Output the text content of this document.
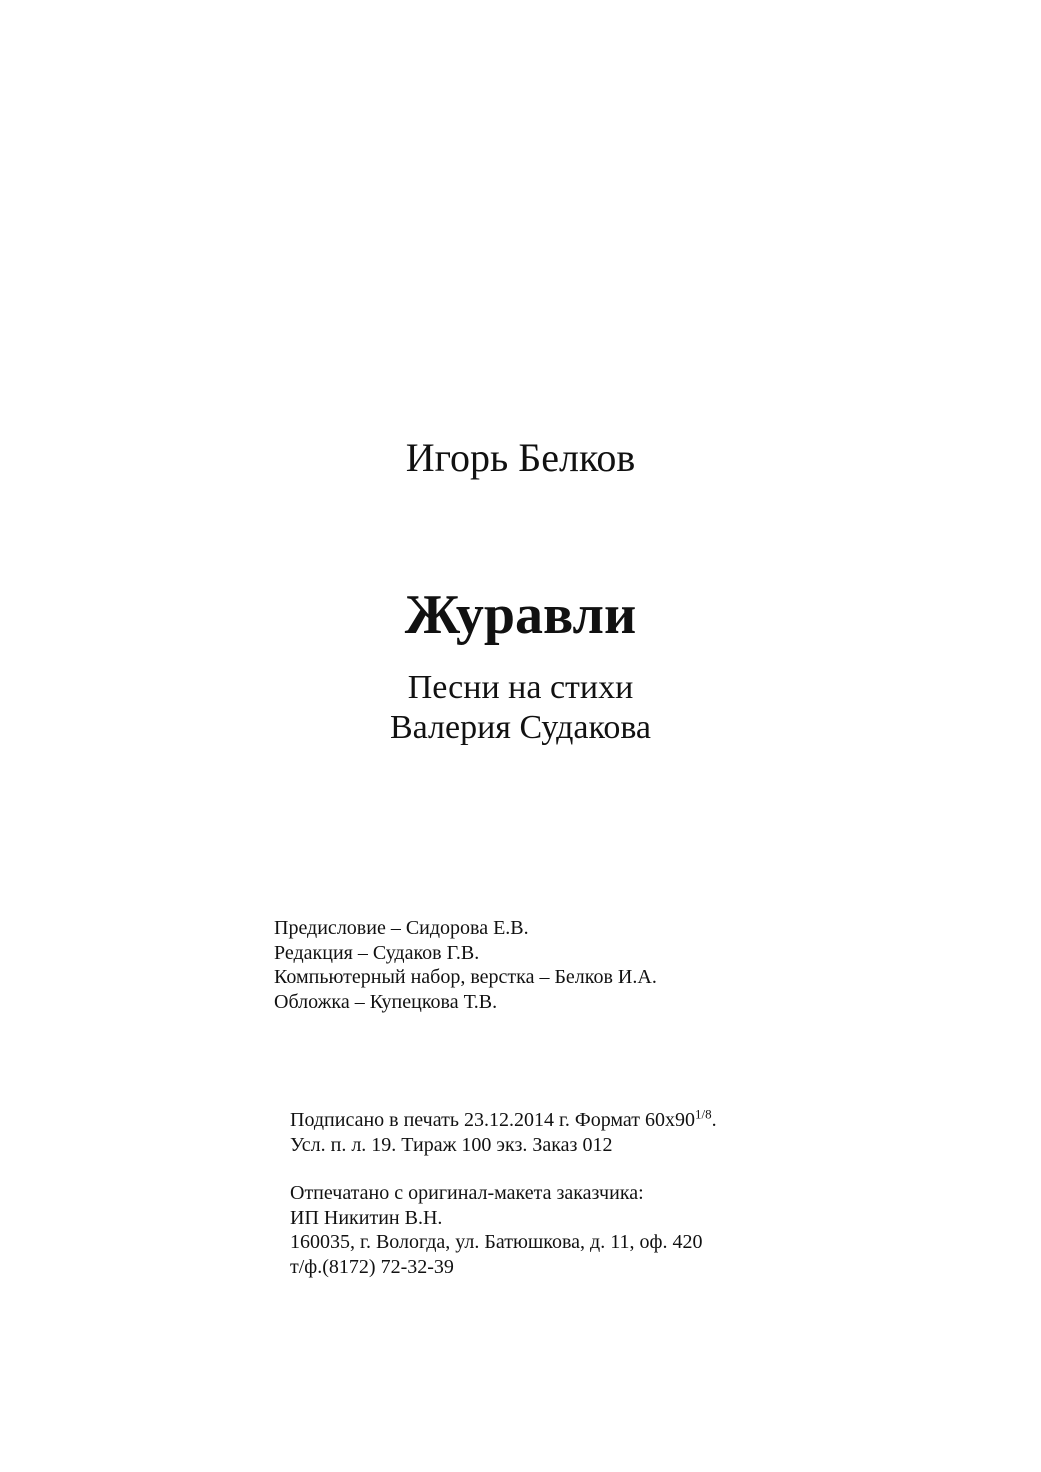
Игорь Белков
Журавли
Песни на стихи
Валерия Судакова
Предисловие – Сидорова Е.В.
Редакция – Судаков Г.В.
Компьютерный набор, верстка – Белков И.А.
Обложка – Купецкова Т.В.
Подписано в печать 23.12.2014 г. Формат $60х90^{1/8}$.
Усл. п. л. 19. Тираж 100 экз. Заказ 012
Отпечатано с оригинал-макета заказчика:
ИП Никитин В.Н.
160035, г. Вологда, ул. Батюшкова, д. 11, оф. 420
т/ф.(8172) 72-32-39
